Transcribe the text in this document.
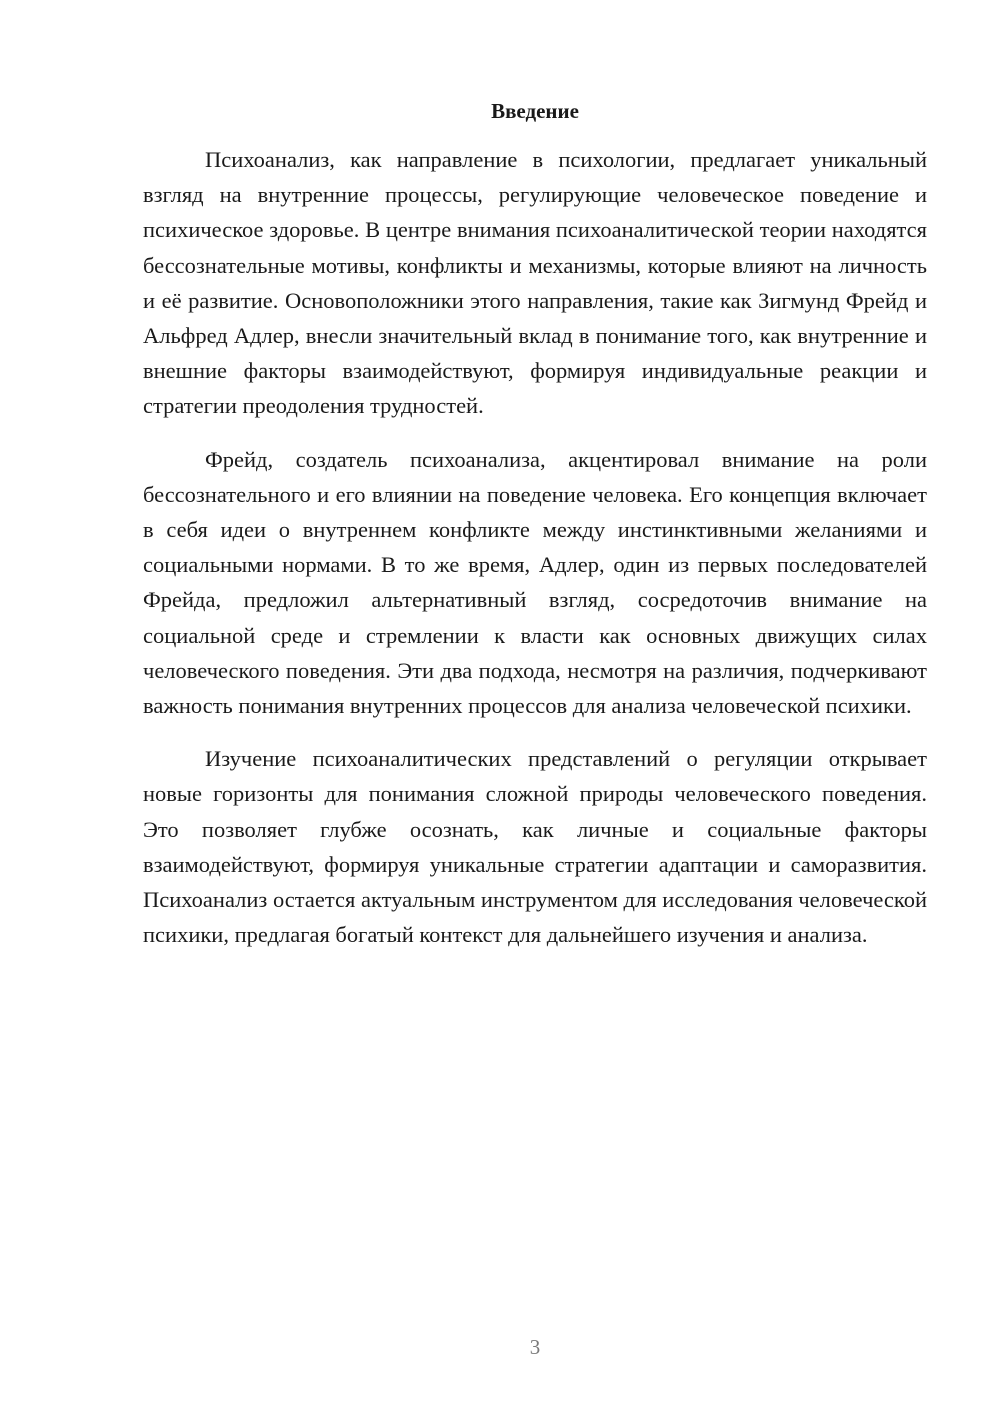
Введение

Психоанализ, как направление в психологии, предлагает уникальный взгляд на внутренние процессы, регулирующие человеческое поведение и психическое здоровье. В центре внимания психоаналитической теории находятся бессознательные мотивы, конфликты и механизмы, которые влияют на личность и её развитие. Основоположники этого направления, такие как Зигмунд Фрейд и Альфред Адлер, внесли значительный вклад в понимание того, как внутренние и внешние факторы взаимодействуют, формируя индивидуальные реакции и стратегии преодоления трудностей.

Фрейд, создатель психоанализа, акцентировал внимание на роли бессознательного и его влиянии на поведение человека. Его концепция включает в себя идеи о внутреннем конфликте между инстинктивными желаниями и социальными нормами. В то же время, Адлер, один из первых последователей Фрейда, предложил альтернативный взгляд, сосредоточив внимание на социальной среде и стремлении к власти как основных движущих силах человеческого поведения. Эти два подхода, несмотря на различия, подчеркивают важность понимания внутренних процессов для анализа человеческой психики.

Изучение психоаналитических представлений о регуляции открывает новые горизонты для понимания сложной природы человеческого поведения. Это позволяет глубже осознать, как личные и социальные факторы взаимодействуют, формируя уникальные стратегии адаптации и саморазвития. Психоанализ остается актуальным инструментом для исследования человеческой психики, предлагая богатый контекст для дальнейшего изучения и анализа.

3
